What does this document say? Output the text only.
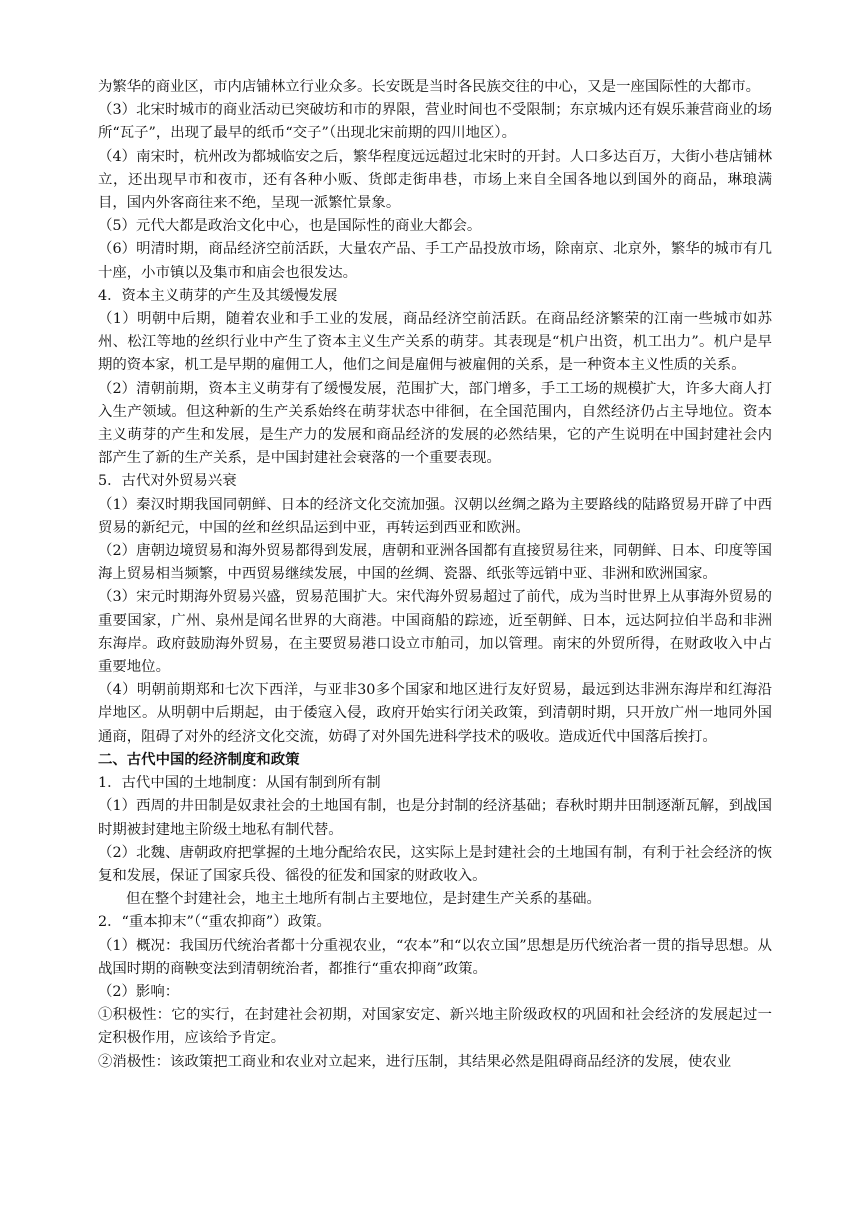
为繁华的商业区，市内店铺林立行业众多。长安既是当时各民族交往的中心，又是一座国际性的大都市。

（3）北宋时城市的商业活动已突破坊和市的界限，营业时间也不受限制；东京城内还有娱乐兼营商业的场所“瓦子”，出现了最早的纸币“交子”（出现北宋前期的四川地区）。

（4）南宋时，杭州改为都城临安之后，繁华程度远远超过北宋时的开封。人口多达百万，大街小巷店铺林立，还出现早市和夜市，还有各种小贩、货郎走街串巷，市场上来自全国各地以到国外的商品，琳琅满目，国内外客商往来不绝，呈现一派繁忙景象。

（5）元代大都是政治文化中心，也是国际性的商业大都会。

（6）明清时期，商品经济空前活跃，大量农产品、手工产品投放市场，除南京、北京外，繁华的城市有几十座，小市镇以及集市和庙会也很发达。

4．资本主义萌芽的产生及其缓慢发展

（1）明朝中后期，随着农业和手工业的发展，商品经济空前活跃。在商品经济繁荣的江南一些城市如苏州、松江等地的丝织行业中产生了资本主义生产关系的萌芽。其表现是“机户出资，机工出力”。机户是早期的资本家，机工是早期的雇佣工人，他们之间是雇佣与被雇佣的关系，是一种资本主义性质的关系。

（2）清朝前期，资本主义萌芽有了缓慢发展，范围扩大，部门增多，手工工场的规模扩大，许多大商人打入生产领域。但这种新的生产关系始终在萌芽状态中徘徊，在全国范围内，自然经济仍占主导地位。资本主义萌芽的产生和发展，是生产力的发展和商品经济的发展的必然结果，它的产生说明在中国封建社会内部产生了新的生产关系，是中国封建社会衰落的一个重要表现。

5．古代对外贸易兴衰

（1）秦汉时期我国同朝鲜、日本的经济文化交流加强。汉朝以丝绸之路为主要路线的陆路贸易开辟了中西贸易的新纪元，中国的丝和丝织品运到中亚，再转运到西亚和欧洲。

（2）唐朝边境贸易和海外贸易都得到发展，唐朝和亚洲各国都有直接贸易往来，同朝鲜、日本、印度等国海上贸易相当频繁，中西贸易继续发展，中国的丝绸、瓷器、纸张等远销中亚、非洲和欧洲国家。

（3）宋元时期海外贸易兴盛，贸易范围扩大。宋代海外贸易超过了前代，成为当时世界上从事海外贸易的重要国家，广州、泉州是闻名世界的大商港。中国商船的踪迹，近至朝鲜、日本，远达阿拉伯半岛和非洲东海岸。政府鼓励海外贸易，在主要贸易港口设立市舶司，加以管理。南宋的外贸所得，在财政收入中占重要地位。

（4）明朝前期郑和七次下西洋，与亚非30多个国家和地区进行友好贸易，最远到达非洲东海岸和红海沿岸地区。从明朝中后期起，由于倭寇入侵，政府开始实行闭关政策，到清朝时期，只开放广州一地同外国通商，阻碍了对外的经济文化交流，妨碍了对外国先进科学技术的吸收。造成近代中国落后挨打。

二、古代中国的经济制度和政策

1．古代中国的土地制度：从国有制到所有制

（1）西周的井田制是奴隶社会的土地国有制，也是分封制的经济基础；春秋时期井田制逐渐瓦解，到战国时期被封建地主阶级土地私有制代替。

（2）北魏、唐朝政府把掌握的土地分配给农民，这实际上是封建社会的土地国有制，有利于社会经济的恢复和发展，保证了国家兵役、徭役的征发和国家的财政收入。

但在整个封建社会，地主土地所有制占主要地位，是封建生产关系的基础。

2．“重本抑末”（“重农抑商”）政策。

（1）概况：我国历代统治者都十分重视农业，“农本”和“以农立国”思想是历代统治者一贯的指导思想。从战国时期的商鞅变法到清朝统治者，都推行“重农抑商”政策。

（2）影响：

①积极性：它的实行，在封建社会初期，对国家安定、新兴地主阶级政权的巩固和社会经济的发展起过一定积极作用，应该给予肯定。

②消极性：该政策把工商业和农业对立起来，进行压制，其结果必然是阻碍商品经济的发展，使农业
